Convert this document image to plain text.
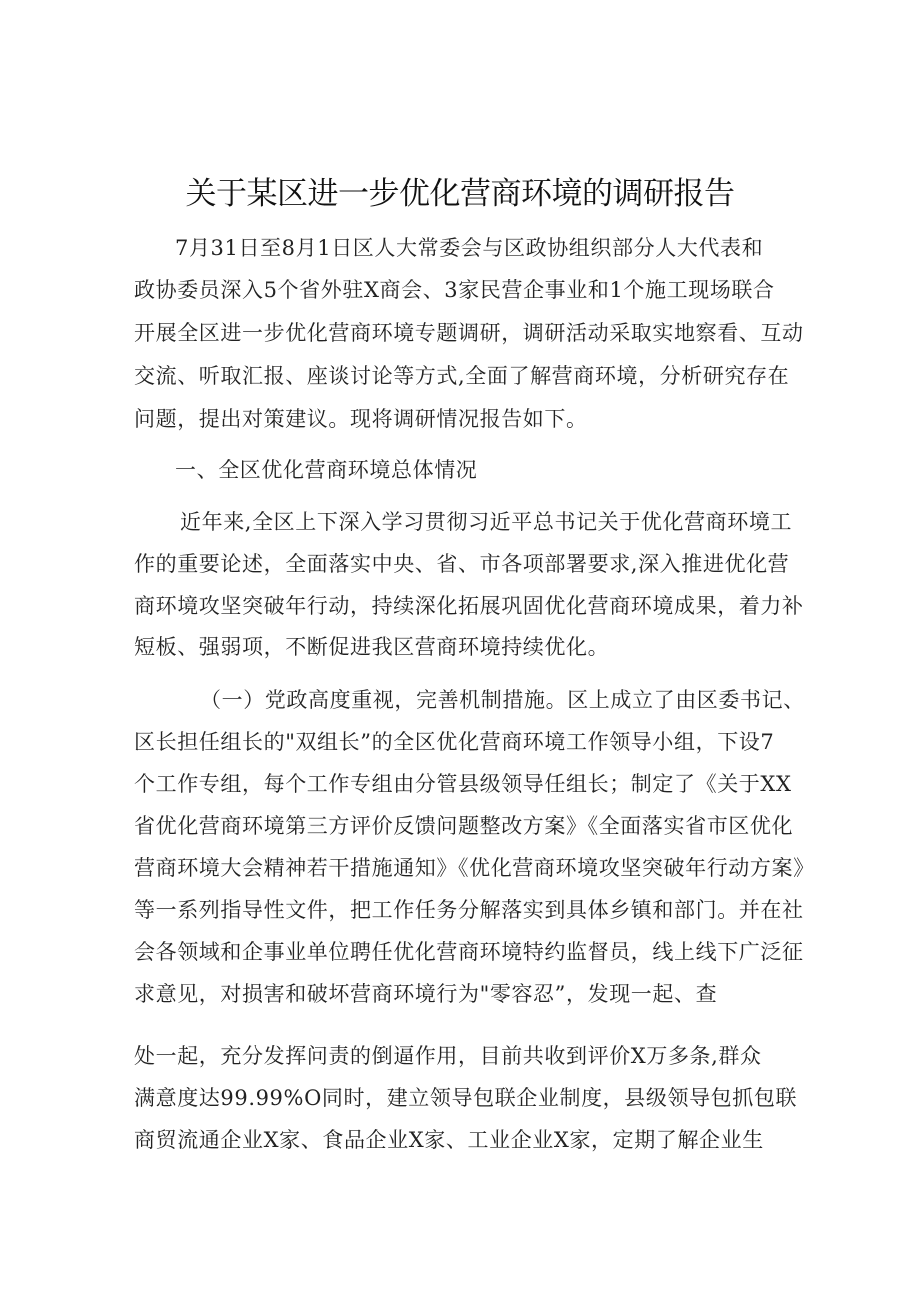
关于某区进一步优化营商环境的调研报告
7月31日至8月1日区人大常委会与区政协组织部分人大代表和
政协委员深入5个省外驻X商会、3家民营企事业和1个施工现场联合
开展全区进一步优化营商环境专题调研，调研活动采取实地察看、互动
交流、听取汇报、座谈讨论等方式,全面了解营商环境，分析研究存在
问题，提出对策建议。现将调研情况报告如下。
一、全区优化营商环境总体情况
近年来,全区上下深入学习贯彻习近平总书记关于优化营商环境工
作的重要论述，全面落实中央、省、市各项部署要求,深入推进优化营
商环境攻坚突破年行动，持续深化拓展巩固优化营商环境成果，着力补
短板、强弱项，不断促进我区营商环境持续优化。
（一）党政高度重视，完善机制措施。区上成立了由区委书记、
区长担任组长的"双组长”的全区优化营商环境工作领导小组，下设7
个工作专组，每个工作专组由分管县级领导任组长；制定了《关于XX
省优化营商环境第三方评价反馈问题整改方案》《全面落实省市区优化
营商环境大会精神若干措施通知》《优化营商环境攻坚突破年行动方案》
等一系列指导性文件，把工作任务分解落实到具体乡镇和部门。并在社
会各领域和企事业单位聘任优化营商环境特约监督员，线上线下广泛征
求意见，对损害和破坏营商环境行为"零容忍”，发现一起、查
处一起，充分发挥问责的倒逼作用，目前共收到评价X万多条,群众
满意度达99.99%O同时，建立领导包联企业制度，县级领导包抓包联
商贸流通企业X家、食品企业X家、工业企业X家，定期了解企业生
